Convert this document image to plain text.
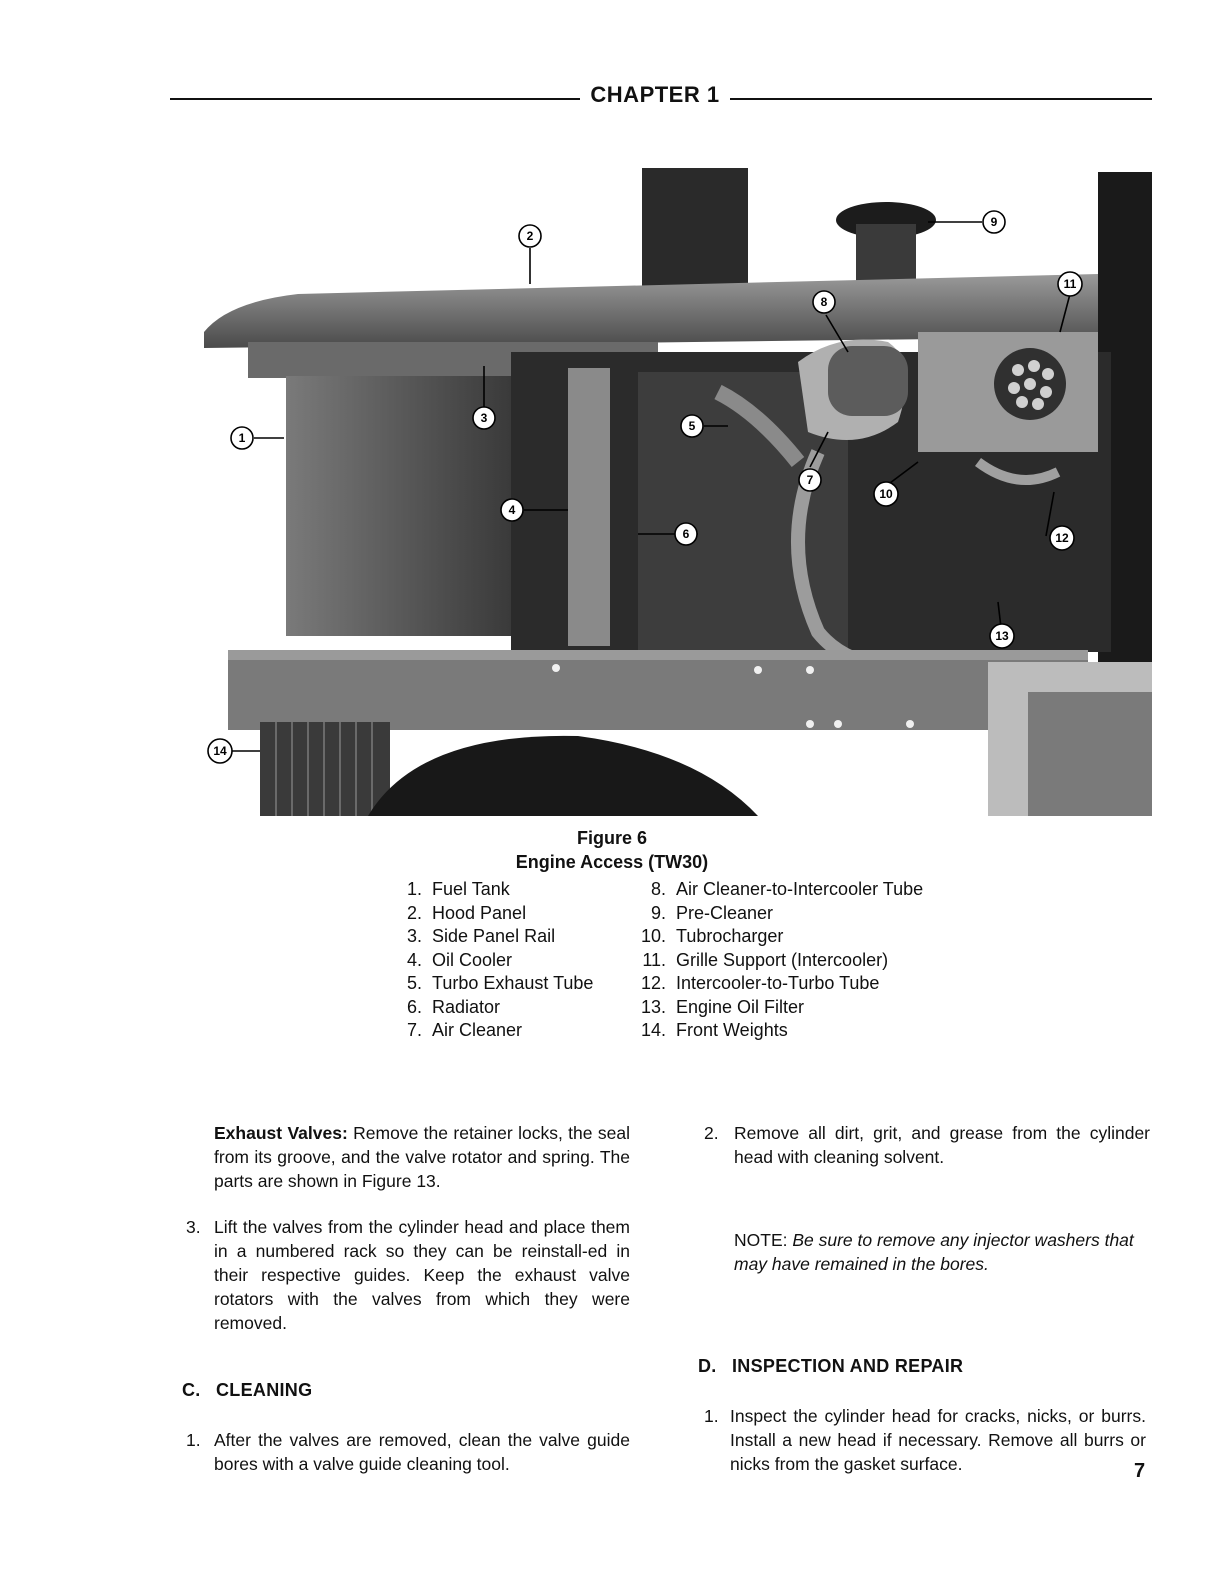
CHAPTER 1
2
1
3
4
5
6
7
8
9
10
11
12
13
14
Figure 6
Engine Access (TW30)
1. Fuel Tank
2. Hood Panel
3. Side Panel Rail
4. Oil Cooler
5. Turbo Exhaust Tube
6. Radiator
7. Air Cleaner
8. Air Cleaner-to-Intercooler Tube
9. Pre-Cleaner
10. Tubrocharger
11. Grille Support (Intercooler)
12. Intercooler-to-Turbo Tube
13. Engine Oil Filter
14. Front Weights
Exhaust Valves: Remove the retainer locks, the seal from its groove, and the valve rotator and spring. The parts are shown in Figure 13.
3. Lift the valves from the cylinder head and place them in a numbered rack so they can be reinstall-ed in their respective guides. Keep the exhaust valve rotators with the valves from which they were removed.
C. CLEANING
1. After the valves are removed, clean the valve guide bores with a valve guide cleaning tool.
2. Remove all dirt, grit, and grease from the cylinder head with cleaning solvent.
NOTE: Be sure to remove any injector washers that may have remained in the bores.
D. INSPECTION AND REPAIR
1. Inspect the cylinder head for cracks, nicks, or burrs. Install a new head if necessary. Remove all burrs or nicks from the gasket surface.	7
